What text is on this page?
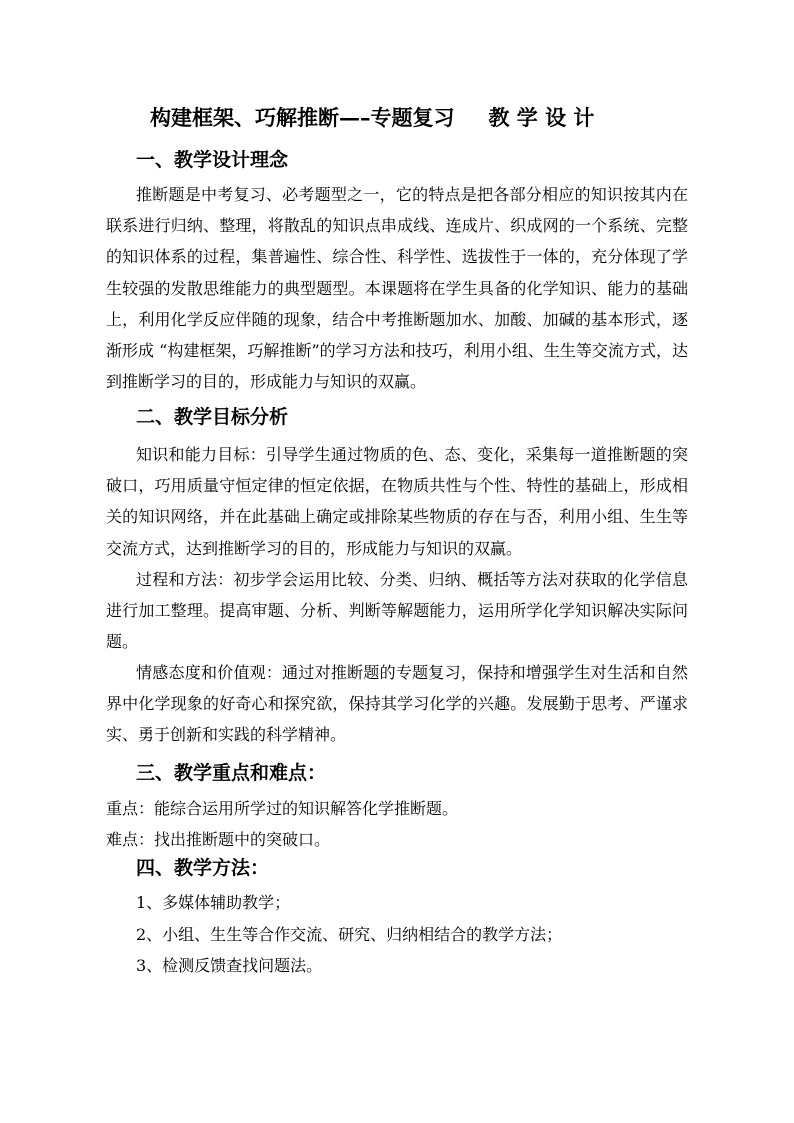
构建框架、巧解推断—–专题复习 教 学 设 计
一、教学设计理念

推断题是中考复习、必考题型之一，它的特点是把各部分相应的知识按其内在联系进行归纳、整理，将散乱的知识点串成线、连成片、织成网的一个系统、完整的知识体系的过程，集普遍性、综合性、科学性、选拔性于一体的，充分体现了学生较强的发散思维能力的典型题型。本课题将在学生具备的化学知识、能力的基础上，利用化学反应伴随的现象，结合中考推断题加水、加酸、加碱的基本形式，逐渐形成 “构建框架，巧解推断”的学习方法和技巧，利用小组、生生等交流方式，达到推断学习的目的，形成能力与知识的双赢。

二、教学目标分析

知识和能力目标：引导学生通过物质的色、态、变化，采集每一道推断题的突破口，巧用质量守恒定律的恒定依据，在物质共性与个性、特性的基础上，形成相关的知识网络，并在此基础上确定或排除某些物质的存在与否，利用小组、生生等交流方式，达到推断学习的目的，形成能力与知识的双赢。

过程和方法：初步学会运用比较、分类、归纳、概括等方法对获取的化学信息进行加工整理。提高审题、分析、判断等解题能力，运用所学化学知识解决实际问题。

情感态度和价值观：通过对推断题的专题复习，保持和增强学生对生活和自然界中化学现象的好奇心和探究欲，保持其学习化学的兴趣。发展勤于思考、严谨求实、勇于创新和实践的科学精神。

三、教学重点和难点：

重点：能综合运用所学过的知识解答化学推断题。

难点：找出推断题中的突破口。

四、教学方法：

1、多媒体辅助教学；

2、小组、生生等合作交流、研究、归纳相结合的教学方法；

3、检测反馈查找问题法。
